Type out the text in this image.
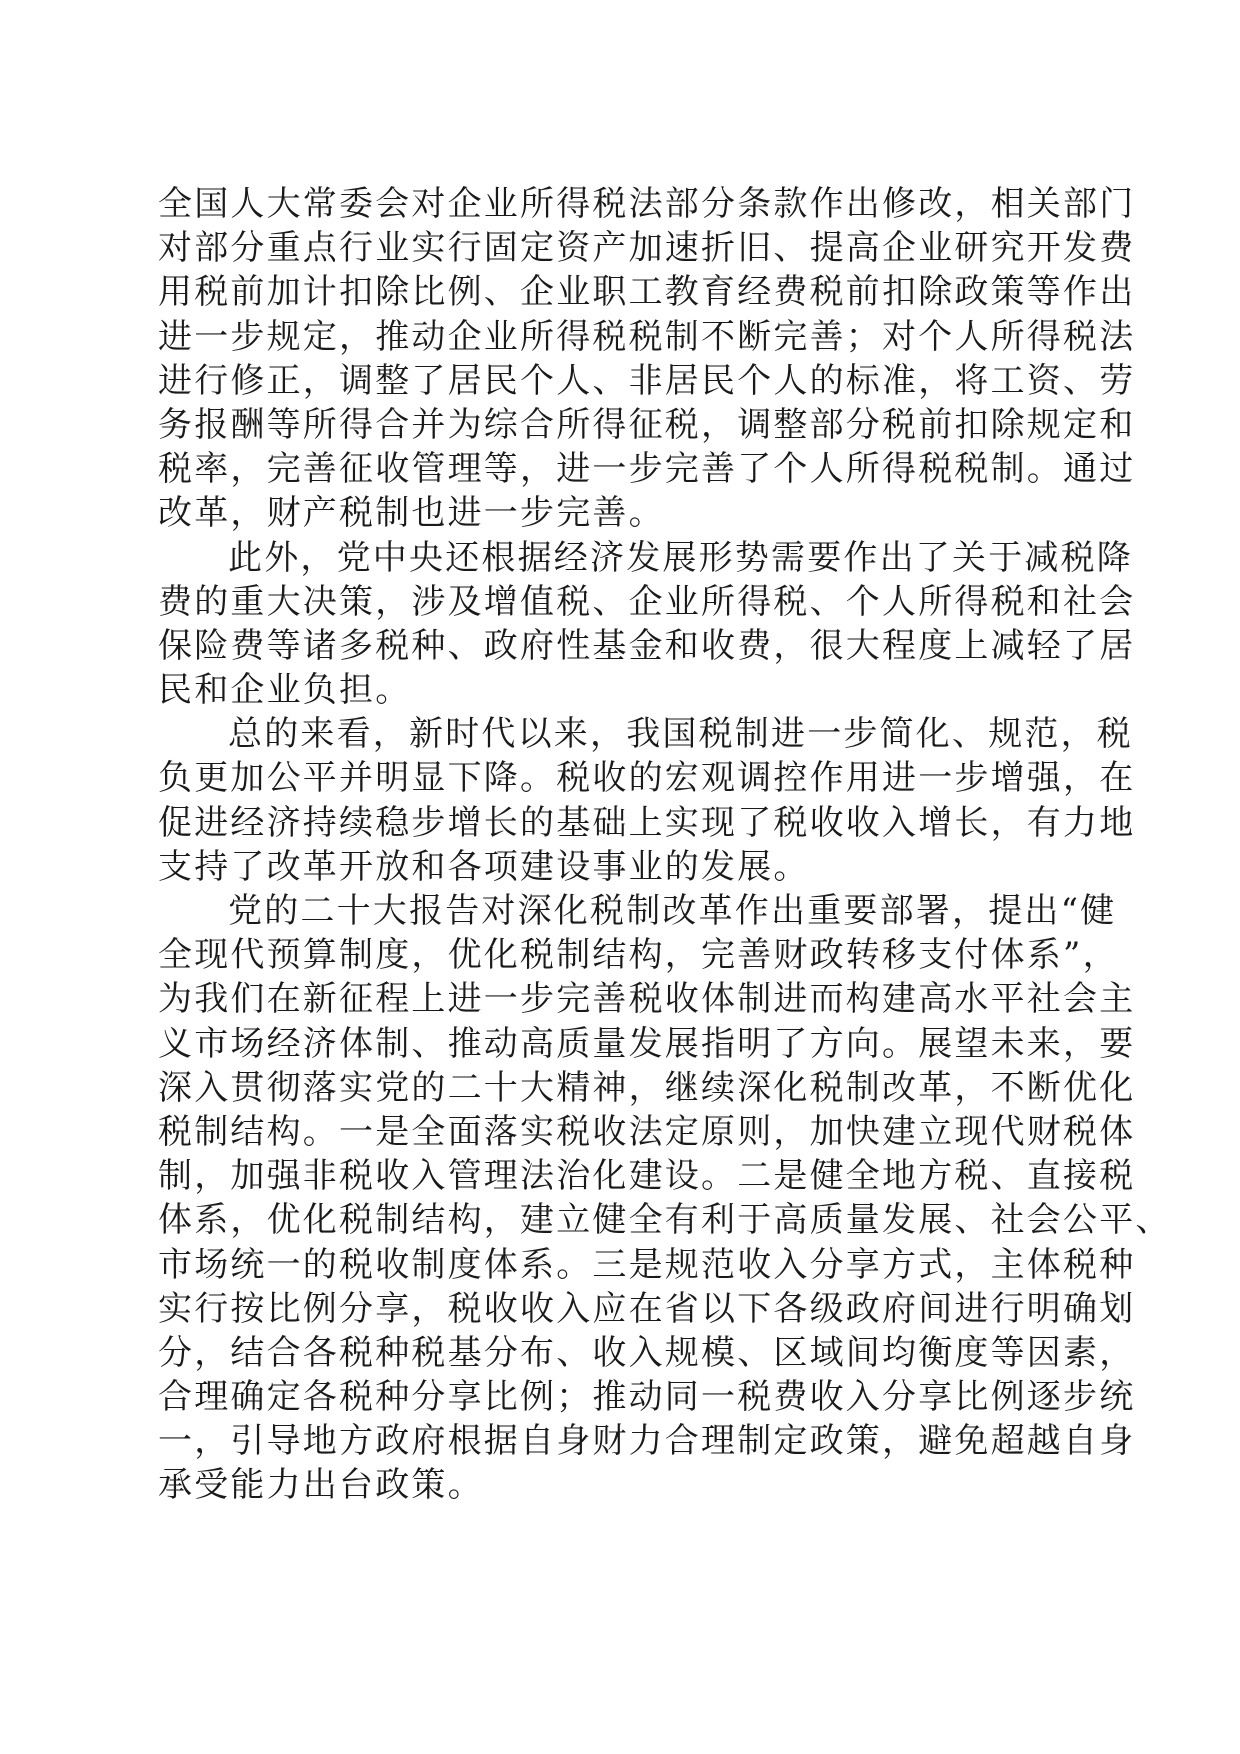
全国人大常委会对企业所得税法部分条款作出修改，相关部门
对部分重点行业实行固定资产加速折旧、提高企业研究开发费
用税前加计扣除比例、企业职工教育经费税前扣除政策等作出
进一步规定，推动企业所得税税制不断完善；对个人所得税法
进行修正，调整了居民个人、非居民个人的标准，将工资、劳
务报酬等所得合并为综合所得征税，调整部分税前扣除规定和
税率，完善征收管理等，进一步完善了个人所得税税制。通过
改革，财产税制也进一步完善。
此外，党中央还根据经济发展形势需要作出了关于减税降
费的重大决策，涉及增值税、企业所得税、个人所得税和社会
保险费等诸多税种、政府性基金和收费，很大程度上减轻了居
民和企业负担。
总的来看，新时代以来，我国税制进一步简化、规范，税
负更加公平并明显下降。税收的宏观调控作用进一步增强，在
促进经济持续稳步增长的基础上实现了税收收入增长，有力地
支持了改革开放和各项建设事业的发展。
党的二十大报告对深化税制改革作出重要部署，提出“健
全现代预算制度，优化税制结构，完善财政转移支付体系”，
为我们在新征程上进一步完善税收体制进而构建高水平社会主
义市场经济体制、推动高质量发展指明了方向。展望未来，要
深入贯彻落实党的二十大精神，继续深化税制改革，不断优化
税制结构。一是全面落实税收法定原则，加快建立现代财税体
制，加强非税收入管理法治化建设。二是健全地方税、直接税
体系，优化税制结构，建立健全有利于高质量发展、社会公平、
市场统一的税收制度体系。三是规范收入分享方式，主体税种
实行按比例分享，税收收入应在省以下各级政府间进行明确划
分，结合各税种税基分布、收入规模、区域间均衡度等因素，
合理确定各税种分享比例；推动同一税费收入分享比例逐步统
一，引导地方政府根据自身财力合理制定政策，避免超越自身
承受能力出台政策。
